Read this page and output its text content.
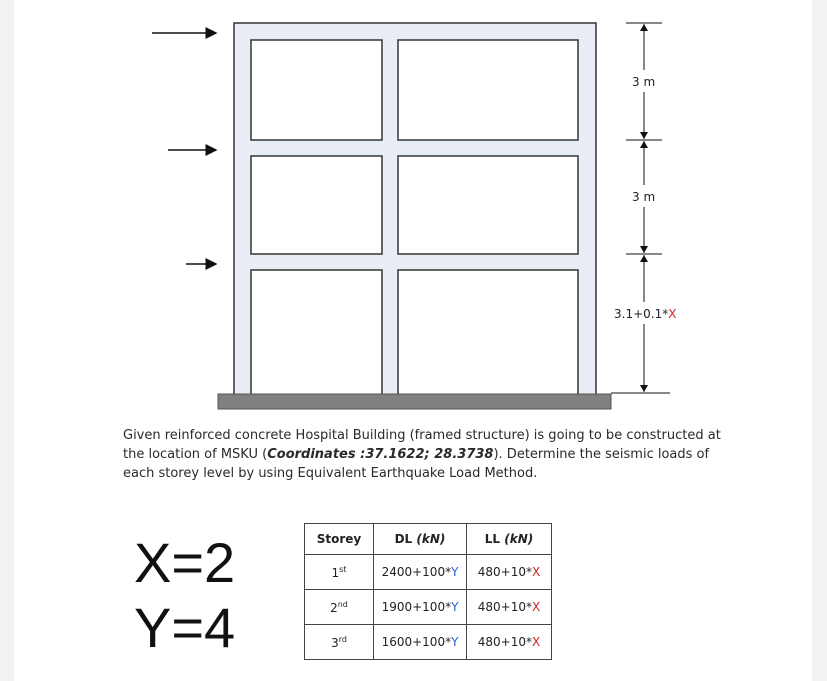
3 m
3 m
3.1+0.1*X

Given reinforced concrete Hospital Building (framed structure) is going to be constructed at the location of MSKU (Coordinates :37.1622; 28.3738). Determine the seismic loads of each storey level by using Equivalent Earthquake Load Method.

X=2
Y=4
Storey	DL (kN)	LL (kN)
1st	2400+100*Y	480+10*X
2nd	1900+100*Y	480+10*X
3rd	1600+100*Y	480+10*X
